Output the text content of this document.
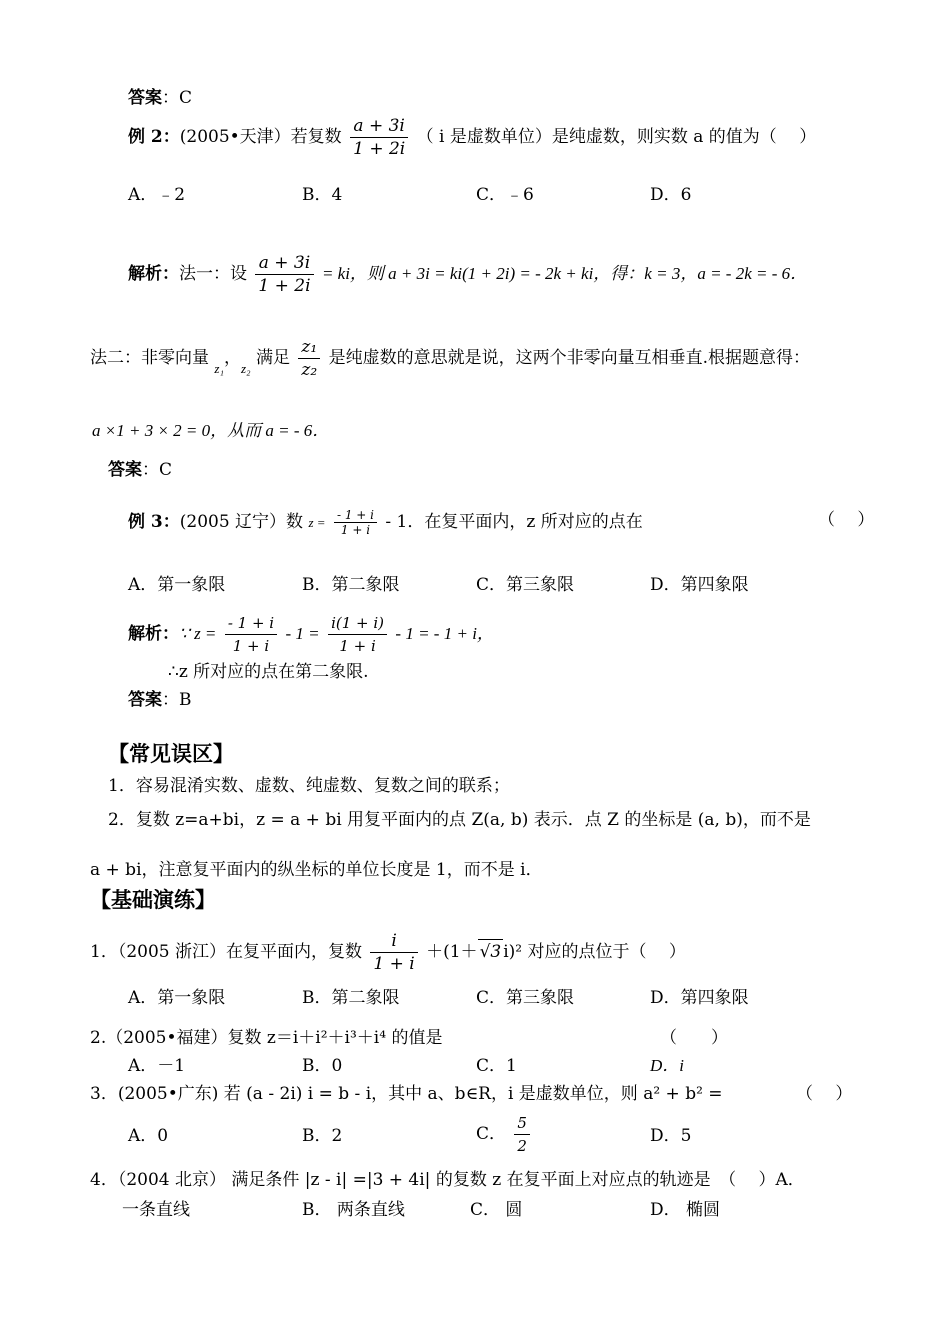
答案：C
例 2：(2005•天津）若复数 $\frac{a + 3i}{1 + 2i}$ （ i 是虚数单位）是纯虚数，则实数 a 的值为（　 ）
A．﹣2	B．4	C．﹣6	D．6
解析：法一：设 $\frac{a + 3i}{1 + 2i}$ = ki，则 a + 3i = ki(1 + 2i) = - 2k + ki，得：k = 3，a = - 2k = - 6．
法二：非零向量 $_{z_1}$，$_{z_2}$ 满足 $\frac{\text{z₁}}{\text{z₂}}$ 是纯虚数的意思就是说，这两个非零向量互相垂直.根据题意得：
a ×1 + 3 × 2 = 0，从而 a = - 6．
答案：C
例 3：(2005 辽宁）数 $z = \frac{- 1 + i}{1 + i} - 1$．在复平面内，z 所对应的点在	（　 ）
A．第一象限	B．第二象限	C．第三象限	D．第四象限
解析：∵ $z = \frac{- 1 + i}{1 + i} - 1 = \frac{i(1 + i)}{1 + i} - 1$ = - 1 + i，
∴z 所对应的点在第二象限.
答案：B
【常见误区】
1．容易混淆实数、虚数、纯虚数、复数之间的联系；
2．复数 z=a+bi，z = a + bi 用复平面内的点 Z(a, b) 表示．点 Z 的坐标是 (a, b)，而不是
a + bi，注意复平面内的纵坐标的单位长度是 1，而不是 i．
【基础演练】
1．（2005 浙江）在复平面内，复数 $\frac{i}{1 + i} +(1+ √3$ i)² 对应的点位于（　 ）
A．第一象限	B．第二象限	C．第三象限	D．第四象限
2.（2005•福建）复数 z＝i＋i²＋i³＋i⁴ 的值是	（　　）
A．－1	B．0	C．1	D．i
3．(2005•广东) 若 (a - 2i) i = b - i，其中 a、b∈R，i 是虚数单位，则 a² + b² =	（　 ）
A．0	B．2	C． $\frac{5}{2}$	D．5
4．（2004 北京） 满足条件 |z - i| =|3 + 4i| 的复数 z 在复平面上对应点的轨迹是　（　 ）A．
一条直线	B． 两条直线	C． 圆	D． 椭圆
